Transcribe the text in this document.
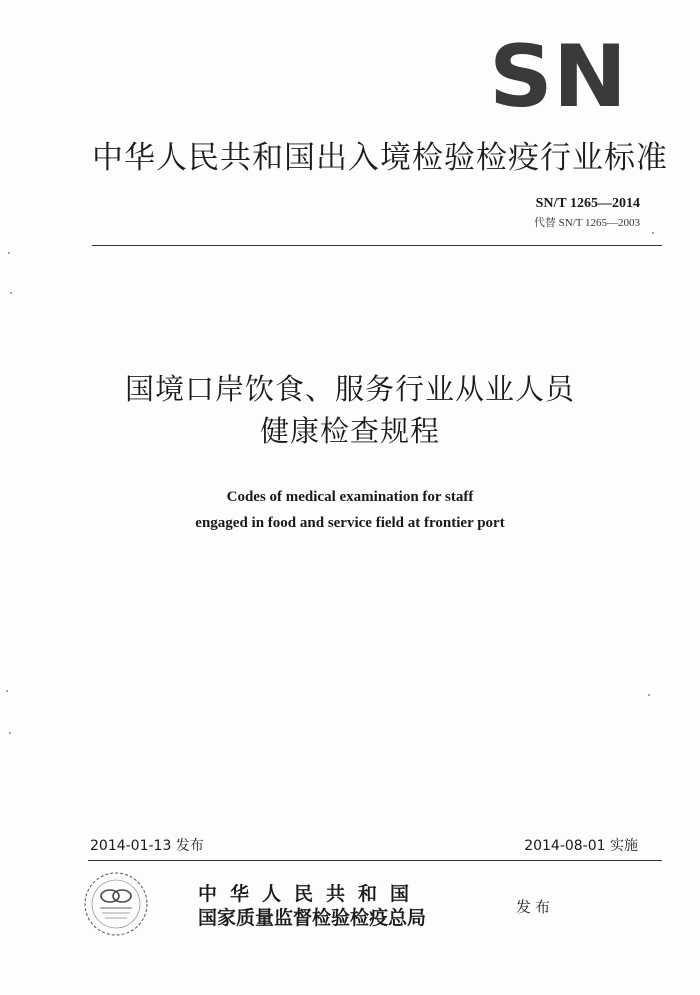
SN
中华人民共和国出入境检验检疫行业标准
SN/T 1265—2014
代替 SN/T 1265—2003
国境口岸饮食、服务行业从业人员
健康检查规程
Codes of medical examination for staff
engaged in food and service field at frontier port
2014-01-13 发布	2014-08-01 实施
中华人民共和国
国家质量监督检验检疫总局	发布
